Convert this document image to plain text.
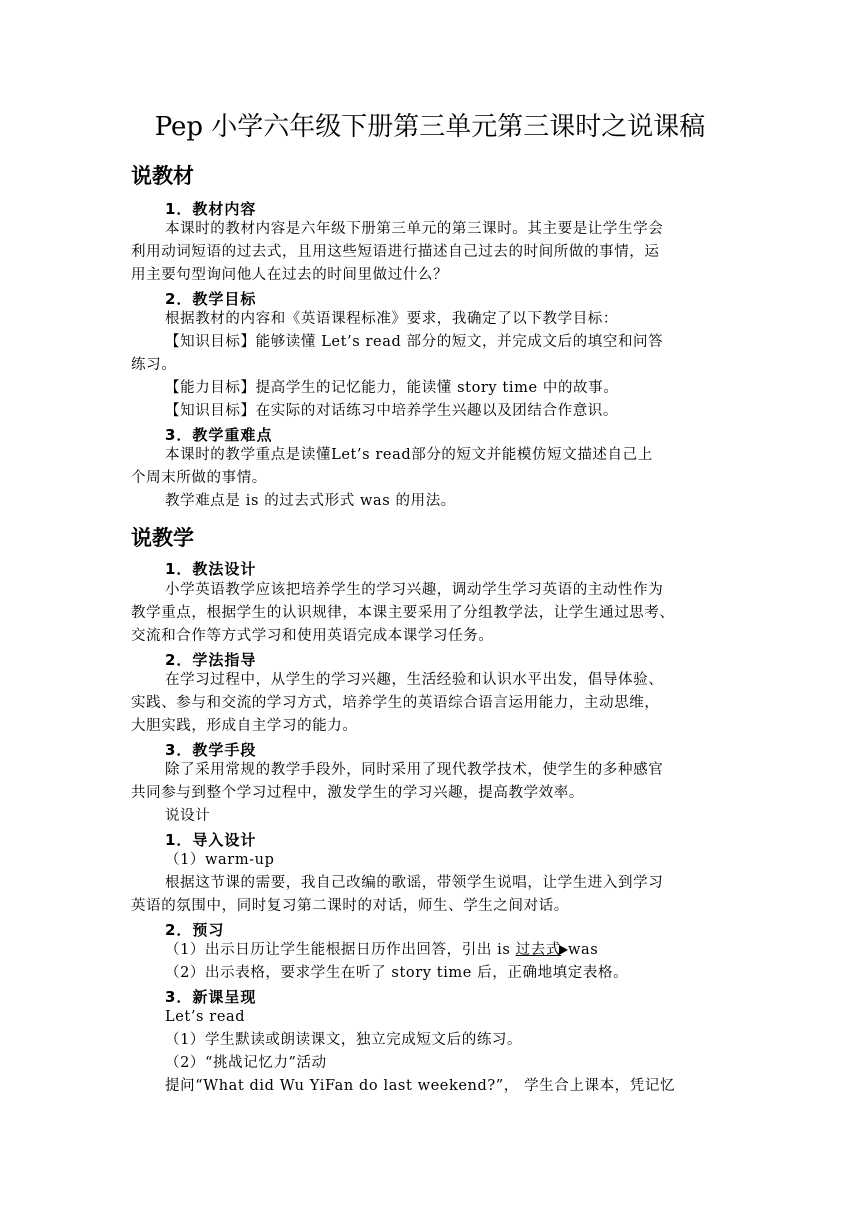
Pep 小学六年级下册第三单元第三课时之说课稿
说教材
1．教材内容
本课时的教材内容是六年级下册第三单元的第三课时。其主要是让学生学会
利用动词短语的过去式，且用这些短语进行描述自己过去的时间所做的事情，运
用主要句型询问他人在过去的时间里做过什么？
2．教学目标
根据教材的内容和《英语课程标准》要求，我确定了以下教学目标：
【知识目标】能够读懂 Let’s read 部分的短文，并完成文后的填空和问答
练习。
【能力目标】提高学生的记忆能力，能读懂 story time 中的故事。
【知识目标】在实际的对话练习中培养学生兴趣以及团结合作意识。
3．教学重难点
本课时的教学重点是读懂Let’s read部分的短文并能模仿短文描述自己上
个周末所做的事情。
教学难点是 is 的过去式形式 was 的用法。
说教学
1．教法设计
小学英语教学应该把培养学生的学习兴趣，调动学生学习英语的主动性作为
教学重点，根据学生的认识规律，本课主要采用了分组教学法，让学生通过思考、
交流和合作等方式学习和使用英语完成本课学习任务。
2．学法指导
在学习过程中，从学生的学习兴趣，生活经验和认识水平出发，倡导体验、
实践、参与和交流的学习方式，培养学生的英语综合语言运用能力，主动思维，
大胆实践，形成自主学习的能力。
3．教学手段
除了采用常规的教学手段外，同时采用了现代教学技术，使学生的多种感官
共同参与到整个学习过程中，激发学生的学习兴趣，提高教学效率。
说设计
1．导入设计
（1）warm-up
根据这节课的需要，我自己改编的歌谣，带领学生说唱，让学生进入到学习
英语的氛围中，同时复习第二课时的对话，师生、学生之间对话。
2．预习
（1）出示日历让学生能根据日历作出回答，引出 is 过去式 was
（2）出示表格，要求学生在听了 story time 后，正确地填定表格。
3．新课呈现
Let’s read
（1）学生默读或朗读课文，独立完成短文后的练习。
（2）“挑战记忆力”活动
提问“What did Wu YiFan do last weekend?”， 学生合上课本，凭记忆
